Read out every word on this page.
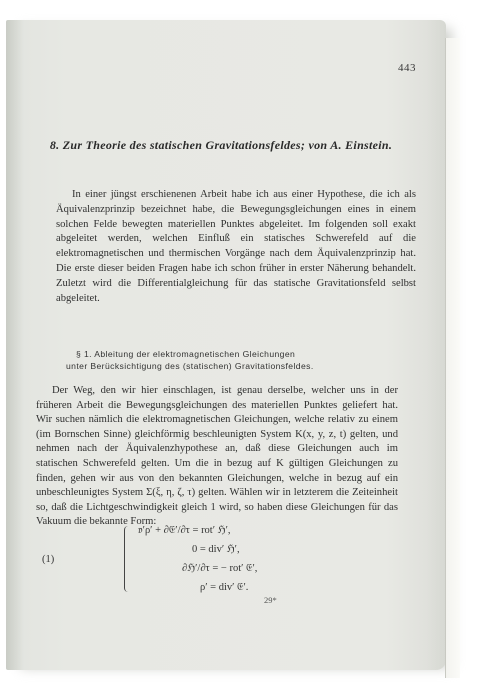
443
8. Zur Theorie des statischen Gravitationsfeldes; von A. Einstein.

In einer jüngst erschienenen Arbeit habe ich aus einer Hypothese, die ich als Äquivalenzprinzip bezeichnet habe, die Bewegungsgleichungen eines in einem solchen Felde bewegten materiellen Punktes abgeleitet. Im folgenden soll exakt abgeleitet werden, welchen Einfluß ein statisches Schwerefeld auf die elektromagnetischen und thermischen Vorgänge nach dem Äquivalenzprinzip hat. Die erste dieser beiden Fragen habe ich schon früher in erster Näherung behandelt. Zuletzt wird die Differentialgleichung für das statische Gravitationsfeld selbst abgeleitet.

§ 1. Ableitung der elektromagnetischen Gleichungen
unter Berücksichtigung des (statischen) Gravitationsfeldes.

Der Weg, den wir hier einschlagen, ist genau derselbe, welcher uns in der früheren Arbeit die Bewegungsgleichungen des materiellen Punktes geliefert hat. Wir suchen nämlich die elektromagnetischen Gleichungen, welche relativ zu einem (im Bornschen Sinne) gleichförmig beschleunigten System K(x, y, z, t) gelten, und nehmen nach der Äquivalenzhypothese an, daß diese Gleichungen auch im statischen Schwerefeld gelten. Um die in bezug auf K gültigen Gleichungen zu finden, gehen wir aus von den bekannten Gleichungen, welche in bezug auf ein unbeschleunigtes System Σ(ξ, η, ζ, τ) gelten. Wählen wir in letzterem die Zeiteinheit so, daß die Lichtgeschwindigkeit gleich 1 wird, so haben diese Gleichungen für das Vakuum die bekannte Form:

(1)
𝔳′ρ′ + ∂𝔈′/∂τ = rot′ ℌ′,
0 = div′ ℌ′,
∂ℌ′/∂τ = − rot′ 𝔈′,
ρ′ = div′ 𝔈′.
29*
